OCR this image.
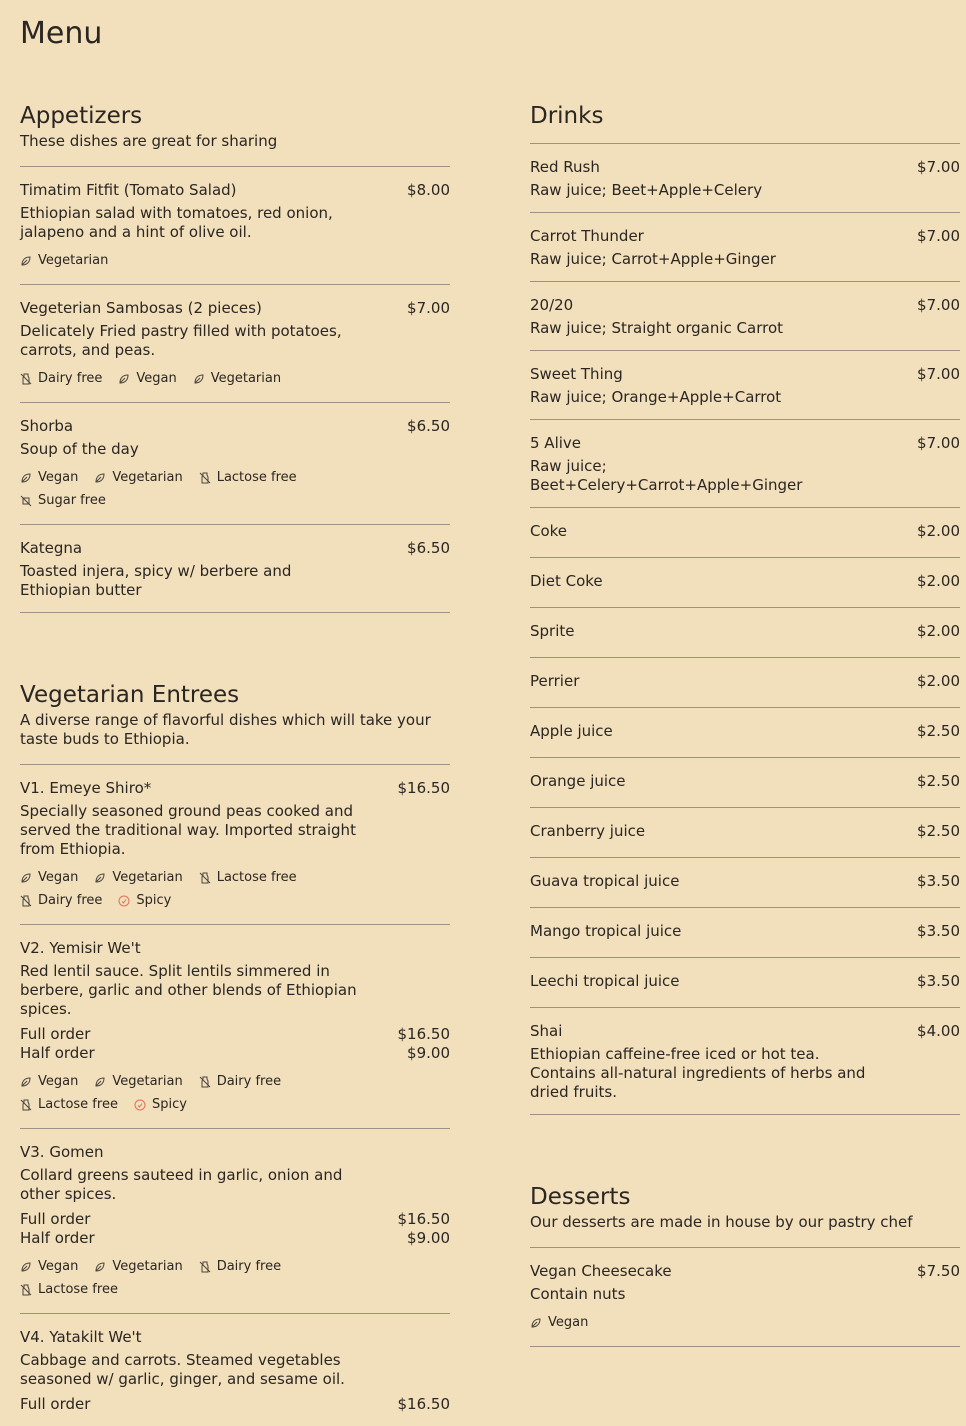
Menu
Appetizers

These dishes are great for sharing

Timatim Fitfit (Tomato Salad)	$8.00

Ethiopian salad with tomatoes, red onion, jalapeno and a hint of olive oil.

Vegetarian
Vegeterian Sambosas (2 pieces)	$7.00

Delicately Fried pastry filled with potatoes, carrots, and peas.

Dairy free	Vegan	Vegetarian
Shorba	$6.50

Soup of the day

Vegan	Vegetarian	Lactose free
Sugar free
Kategna	$6.50

Toasted injera, spicy w/ berbere and Ethiopian butter

Vegetarian Entrees

A diverse range of flavorful dishes which will take your taste buds to Ethiopia.

V1. Emeye Shiro*	$16.50

Specially seasoned ground peas cooked and served the traditional way. Imported straight from Ethiopia.

Vegan	Vegetarian	Lactose free
Dairy free	Spicy
V2. Yemisir We't

Red lentil sauce. Split lentils simmered in berbere, garlic and other blends of Ethiopian spices.

Full order	$16.50
Half order	$9.00
Vegan	Vegetarian	Dairy free
Lactose free	Spicy
V3. Gomen

Collard greens sauteed in garlic, onion and other spices.

Full order	$16.50
Half order	$9.00
Vegan	Vegetarian	Dairy free
Lactose free
V4. Yatakilt We't

Cabbage and carrots. Steamed vegetables seasoned w/ garlic, ginger, and sesame oil.

Full order	$16.50
Drinks
Red Rush	$7.00

Raw juice; Beet+Apple+Celery

Carrot Thunder	$7.00

Raw juice; Carrot+Apple+Ginger

20/20	$7.00

Raw juice; Straight organic Carrot

Sweet Thing	$7.00

Raw juice; Orange+Apple+Carrot

5 Alive	$7.00

Raw juice; Beet+Celery+Carrot+Apple+Ginger

Coke	$2.00
Diet Coke	$2.00
Sprite	$2.00
Perrier	$2.00
Apple juice	$2.50
Orange juice	$2.50
Cranberry juice	$2.50
Guava tropical juice	$3.50
Mango tropical juice	$3.50
Leechi tropical juice	$3.50
Shai	$4.00

Ethiopian caffeine-free iced or hot tea. Contains all-natural ingredients of herbs and dried fruits.

Desserts

Our desserts are made in house by our pastry chef

Vegan Cheesecake	$7.50

Contain nuts

Vegan
